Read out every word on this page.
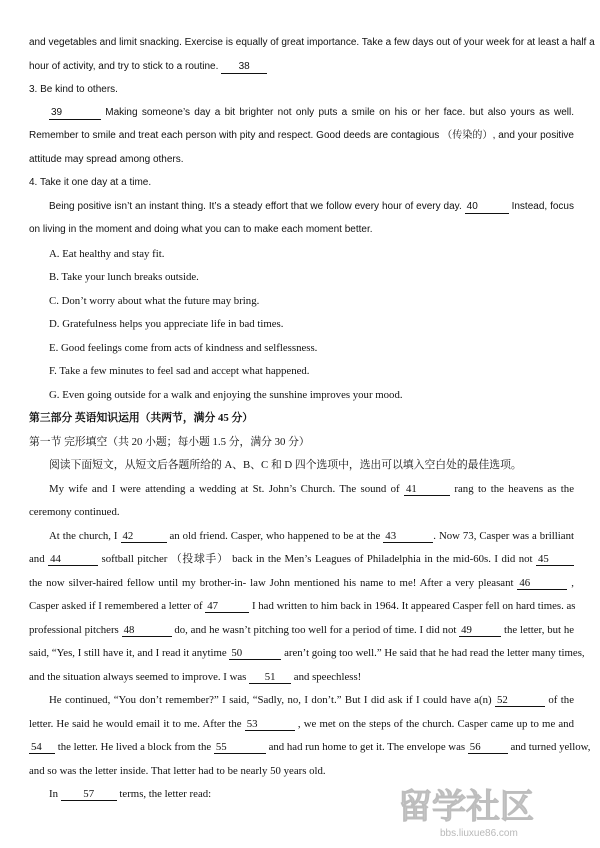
and vegetables and limit snacking. Exercise is equally of great importance. Take a few days out of your week for at least a half a
hour of activity, and try to stick to a routine. 38
3. Be kind to others.
39	Making someone’s day a bit brighter not only puts a smile on his or her face. but also yours as well.
Remember to smile and treat each person with pity and respect. Good deeds are contagious （传染的）, and your positive
attitude may spread among others.
4. Take it one day at a time.
Being positive isn’t an instant thing. It’s a steady effort that we follow every hour of every day. 40	Instead, focus
on living in the moment and doing what you can to make each moment better.
A. Eat healthy and stay fit.
B. Take your lunch breaks outside.
C. Don’t worry about what the future may bring.
D. Gratefulness helps you appreciate life in bad times.
E. Good feelings come from acts of kindness and selflessness.
F. Take a few minutes to feel sad and accept what happened.
G. Even going outside for a walk and enjoying the sunshine improves your mood.
第三部分 英语知识运用（共两节，满分 45 分）
第一节 完形填空（共 20 小题；每小题 1.5 分，满分 30 分）
阅读下面短文，从短文后各题所给的 A、B、C 和 D 四个选项中，选出可以填入空白处的最佳选项。
My wife and I were attending a wedding at St. John’s Church. The sound of 41	rang to the heavens as the
ceremony continued.
At the church, I 42	an old friend. Casper, who happened to be at the 43	. Now 73, Casper was a brilliant
and 44	softball pitcher （投球手） back in the Men’s Leagues of Philadelphia in the mid-60s. I did not 45
the now silver-haired fellow until my brother-in- law John mentioned his name to me! After a very pleasant 46	,
Casper asked if I remembered a letter of 47	I had written to him back in 1964. It appeared Casper fell on hard times. as
professional pitchers 48	do, and he wasn’t pitching too well for a period of time. I did not 49	the letter, but he
said, “Yes, I still have it, and I read it anytime 50	aren’t going too well.” He said that he had read the letter many times,
and the situation always seemed to improve. I was 51 and speechless!
He continued, “You don’t remember?” I said, “Sadly, no, I don’t.” But I did ask if I could have a(n) 52	of the
letter. He said he would email it to me. After the 53	, we met on the steps of the church. Casper came up to me and
54 the letter. He lived a block from the 55	and had run home to get it. The envelope was 56	and turned yellow,
and so was the letter inside. That letter had to be nearly 50 years old.
In 57 terms, the letter read:	留学社区
bbs.liuxue86.com
